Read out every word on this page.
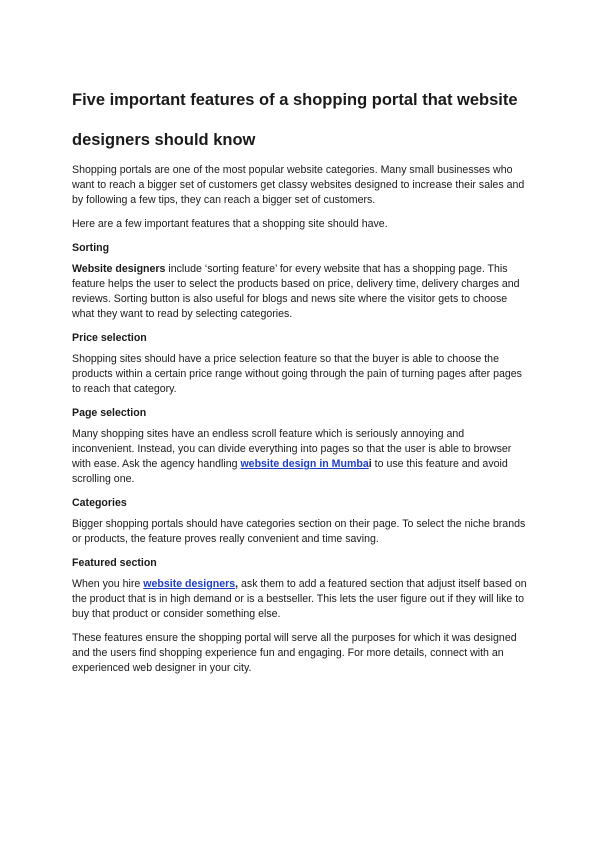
Five important features of a shopping portal that website designers should know

Shopping portals are one of the most popular website categories. Many small businesses who want to reach a bigger set of customers get classy websites designed to increase their sales and by following a few tips, they can reach a bigger set of customers.

Here are a few important features that a shopping site should have.

Sorting

Website designers include ‘sorting feature’ for every website that has a shopping page. This feature helps the user to select the products based on price, delivery time, delivery charges and reviews. Sorting button is also useful for blogs and news site where the visitor gets to choose what they want to read by selecting categories.

Price selection

Shopping sites should have a price selection feature so that the buyer is able to choose the products within a certain price range without going through the pain of turning pages after pages to reach that category.

Page selection

Many shopping sites have an endless scroll feature which is seriously annoying and inconvenient. Instead, you can divide everything into pages so that the user is able to browser with ease. Ask the agency handling website design in Mumbai to use this feature and avoid scrolling one.

Categories

Bigger shopping portals should have categories section on their page. To select the niche brands or products, the feature proves really convenient and time saving.

Featured section

When you hire website designers, ask them to add a featured section that adjust itself based on the product that is in high demand or is a bestseller. This lets the user figure out if they will like to buy that product or consider something else.

These features ensure the shopping portal will serve all the purposes for which it was designed and the users find shopping experience fun and engaging. For more details, connect with an experienced web designer in your city.
